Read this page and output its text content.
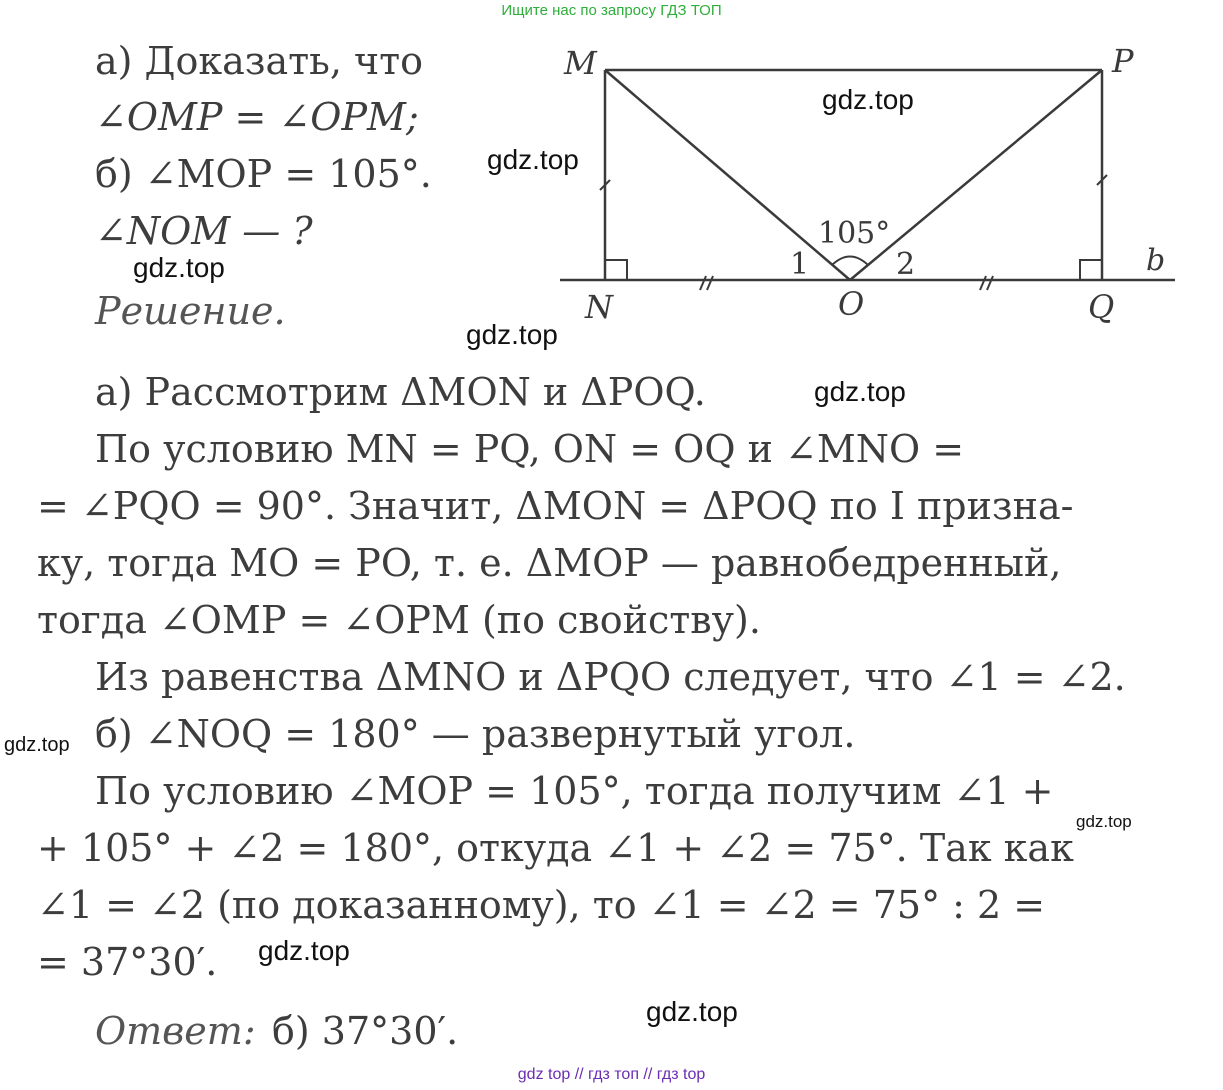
Ищите нас по запросу ГДЗ ТОП
а) Доказать, что
∠OMP = ∠OPM;
б) ∠MOP = 105°.
∠NOM — ?
Решение.
M	P
N	O	Q
b
105°
1	2
а) Рассмотрим ΔMON и ΔPOQ.
По условию MN = PQ, ON = OQ и ∠MNO =
= ∠PQO = 90°. Значит, ΔMON = ΔPOQ по I призна-
ку, тогда MO = PO, т. е. ΔMOP — равнобедренный,
тогда ∠OMP = ∠OPM (по свойству).
Из равенства ΔMNO и ΔPQO следует, что ∠1 = ∠2.
б) ∠NOQ = 180° — развернутый угол.
По условию ∠MOP = 105°, тогда получим ∠1 +
+ 105° + ∠2 = 180°, откуда ∠1 + ∠2 = 75°. Так как
∠1 = ∠2 (по доказанному), то ∠1 = ∠2 = 75° : 2 =
= 37°30′.
Ответ: б) 37°30′.
gdz.top
gdz.top
gdz.top
gdz.top
gdz.top
gdz.top
gdz.top
gdz.top
gdz.top
gdz top // гдз топ // гдз top
